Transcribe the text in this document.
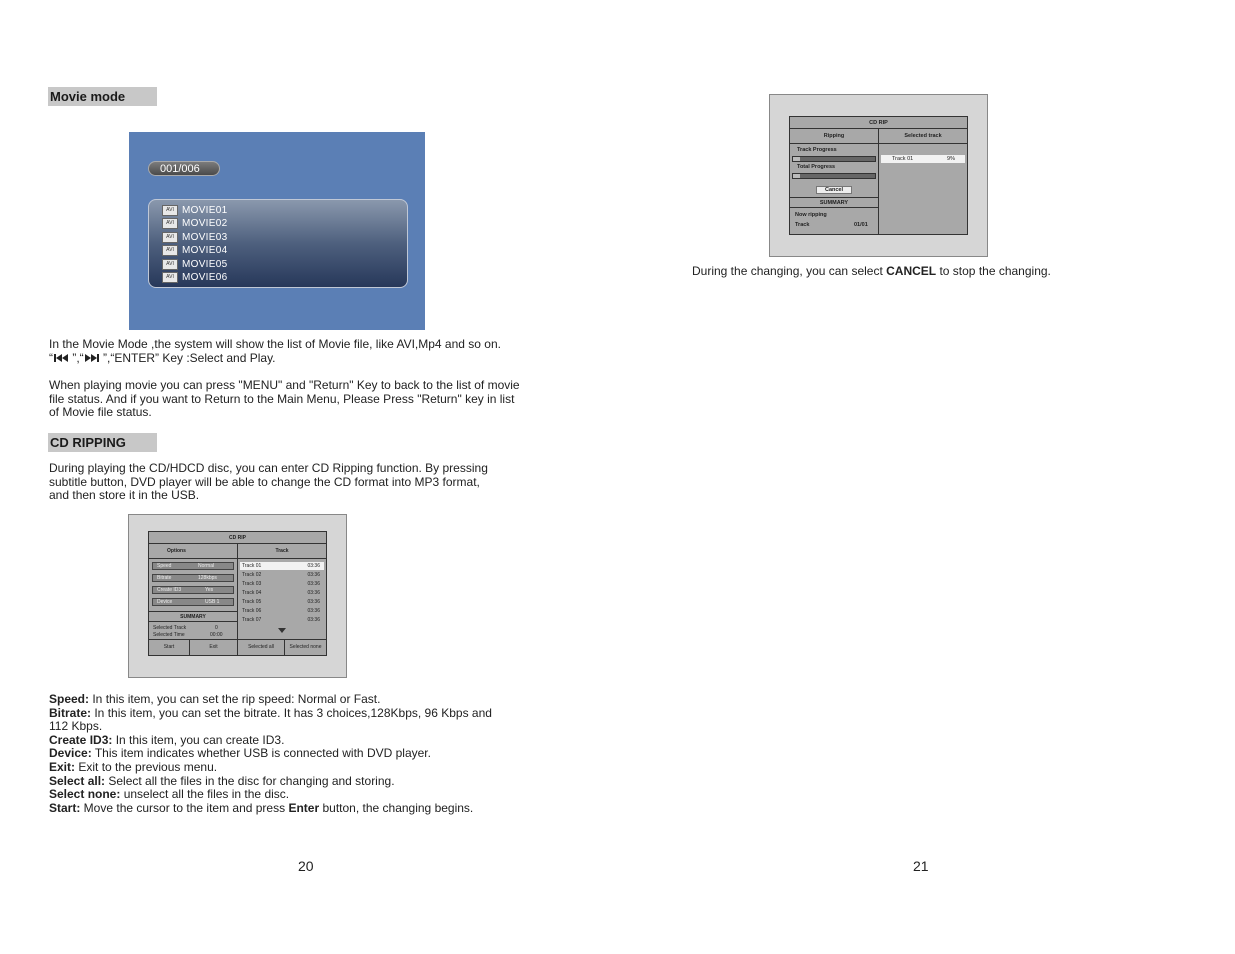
Movie mode
001/006
AVI MOVIE01
AVI MOVIE02
AVI MOVIE03
AVI MOVIE04
AVI MOVIE05
AVI MOVIE06

In the Movie Mode ,the system will show the list of Movie file, like AVI,Mp4 and so on.

“ ”,“ ”,“ENTER” Key :Select and Play.

When playing movie you can press "MENU" and "Return" Key to back to the list of movie

file status. And if you want to Return to the Main Menu, Please Press "Return" key in list

of Movie file status.

CD RIPPING

During playing the CD/HDCD disc, you can enter CD Ripping function. By pressing

subtitle button, DVD player will be able to change the CD format into MP3 format,

and then store it in the USB.

CD RIP
Options	Track
Speed	Normal
Bitrate	128kbps
Create ID3	Yes
Device	USB 1
SUMMARY
Selected Track	0
Selected Time	00:00
Track 01	03:36
Track 02	03:36
Track 03	03:36
Track 04	03:36
Track 05	03:36
Track 06	03:36
Track 07	03:36
Start	Exit	Selected all	Selected none

Speed: In this item, you can set the rip speed: Normal or Fast.

Bitrate: In this item, you can set the bitrate. It has 3 choices,128Kbps, 96 Kbps and

112 Kbps.

Create ID3: In this item, you can create ID3.

Device: This item indicates whether USB is connected with DVD player.

Exit: Exit to the previous menu.

Select all: Select all the files in the disc for changing and storing.

Select none: unselect all the files in the disc.

Start: Move the cursor to the item and press Enter button, the changing begins.

20
CD RIP
Ripping	Selected track
Track Progress
Total Progress
Cancel
SUMMARY
Now ripping
Track	01/01
Track 01	9%

During the changing, you can select CANCEL to stop the changing.

21
